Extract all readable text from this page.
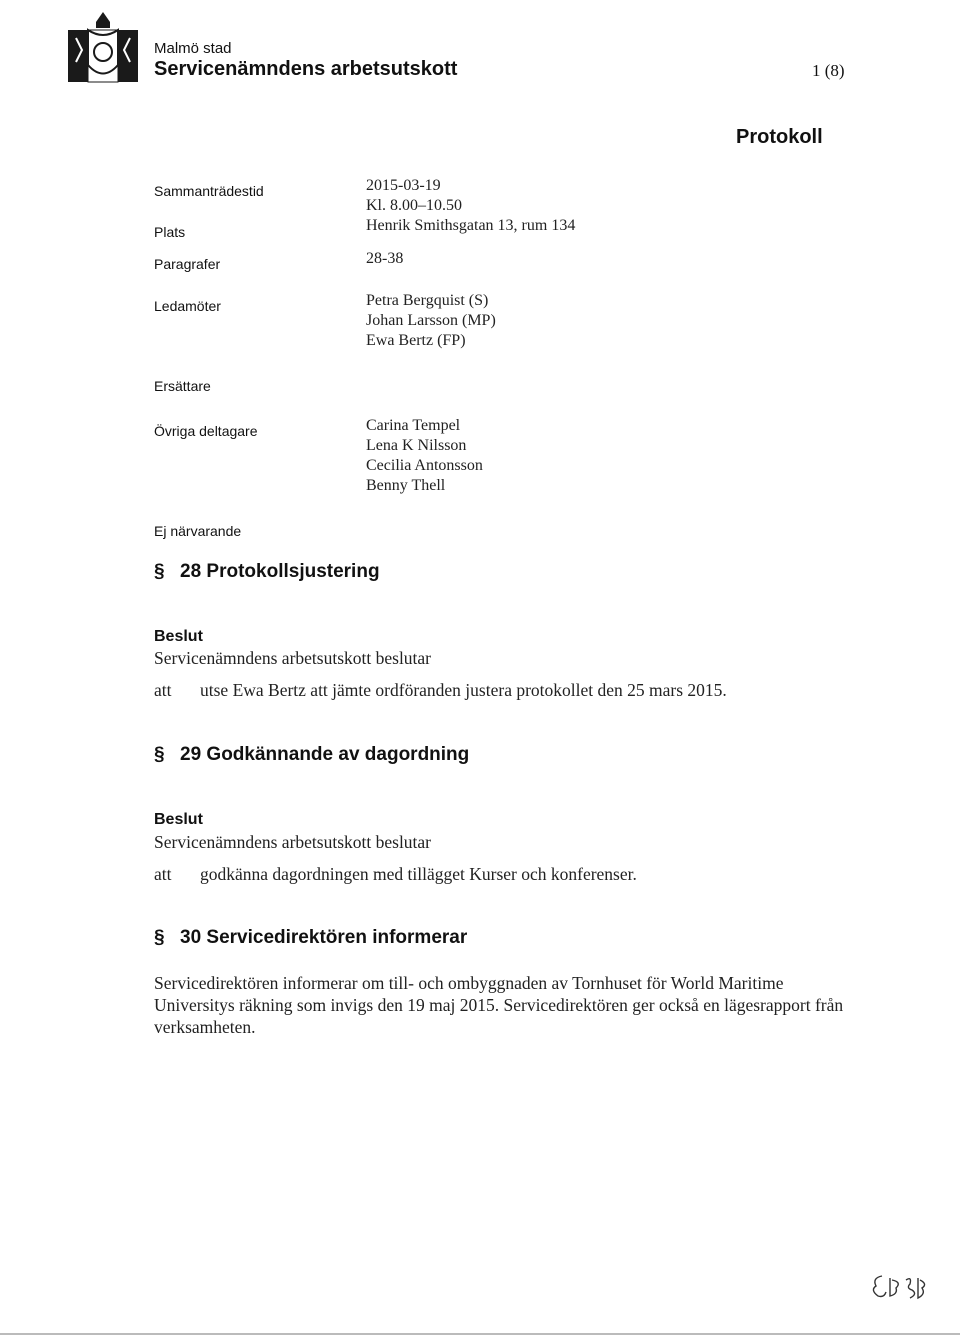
Malmö stad
Servicenämndens arbetsutskott	1 (8)
Protokoll
Sammanträdestid	2015-03-19
Kl. 8.00–10.50
Plats	Henrik Smithsgatan 13, rum 134
Paragrafer	28-38
Ledamöter	Petra Bergquist (S)
Johan Larsson (MP)
Ewa Bertz (FP)
Ersättare
Övriga deltagare	Carina Tempel
Lena K Nilsson
Cecilia Antonsson
Benny Thell
Ej närvarande
§ 28 Protokollsjustering
Beslut
Servicenämndens arbetsutskott beslutar
att utse Ewa Bertz att jämte ordföranden justera protokollet den 25 mars 2015.
§ 29 Godkännande av dagordning
Beslut
Servicenämndens arbetsutskott beslutar
att godkänna dagordningen med tillägget Kurser och konferenser.
§ 30 Servicedirektören informerar
Servicedirektören informerar om till- och ombyggnaden av Tornhuset för World Maritime Universitys räkning som invigs den 19 maj 2015. Servicedirektören ger också en lägesrapport från verksamheten.
